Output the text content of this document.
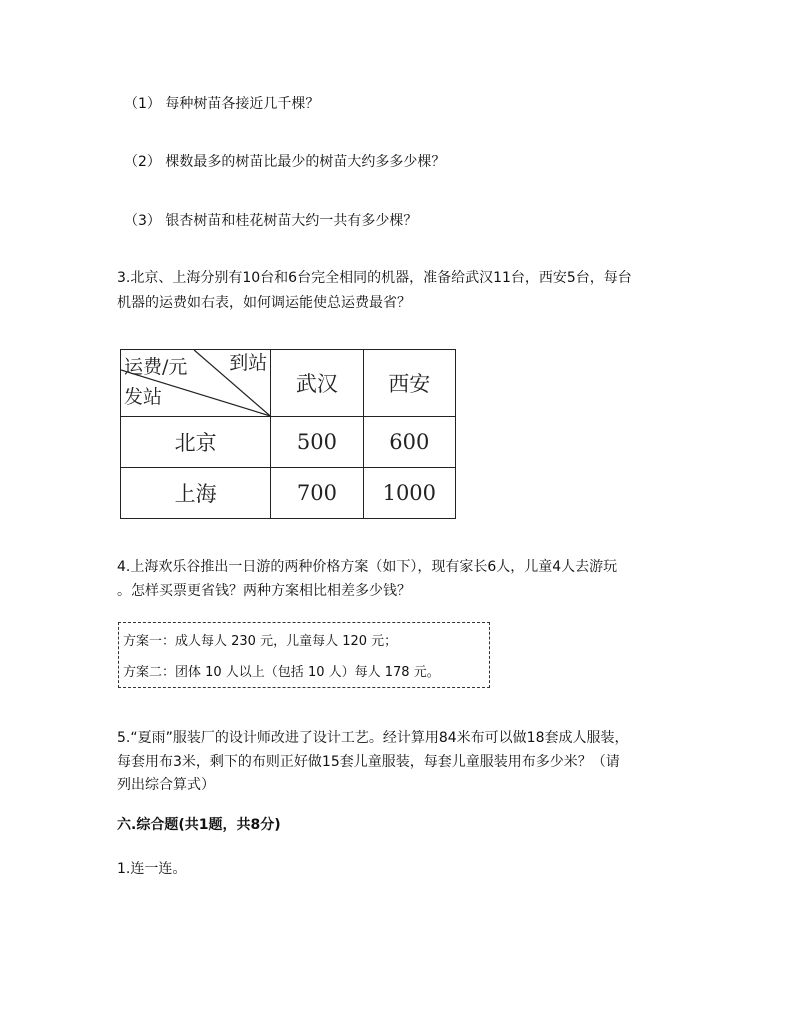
（1） 每种树苗各接近几千棵？
（2） 棵数最多的树苗比最少的树苗大约多多少棵？
（3） 银杏树苗和桂花树苗大约一共有多少棵？
3.北京、上海分别有10台和6台完全相同的机器，准备给武汉11台，西安5台，每台
机器的运费如右表，如何调运能使总运费最省？
运费/元 到站
发站	武汉	西安
北京	500	600
上海	700	1000
4.上海欢乐谷推出一日游的两种价格方案（如下），现有家长6人，儿童4人去游玩
。怎样买票更省钱？两种方案相比相差多少钱？
方案一：成人每人 230 元，儿童每人 120 元；
方案二：团体 10 人以上（包括 10 人）每人 178 元。
5.“夏雨”服装厂的设计师改进了设计工艺。经计算用84米布可以做18套成人服装，
每套用布3米，剩下的布则正好做15套儿童服装，每套儿童服装用布多少米？（请
列出综合算式）
六.综合题(共1题，共8分)
1.连一连。
